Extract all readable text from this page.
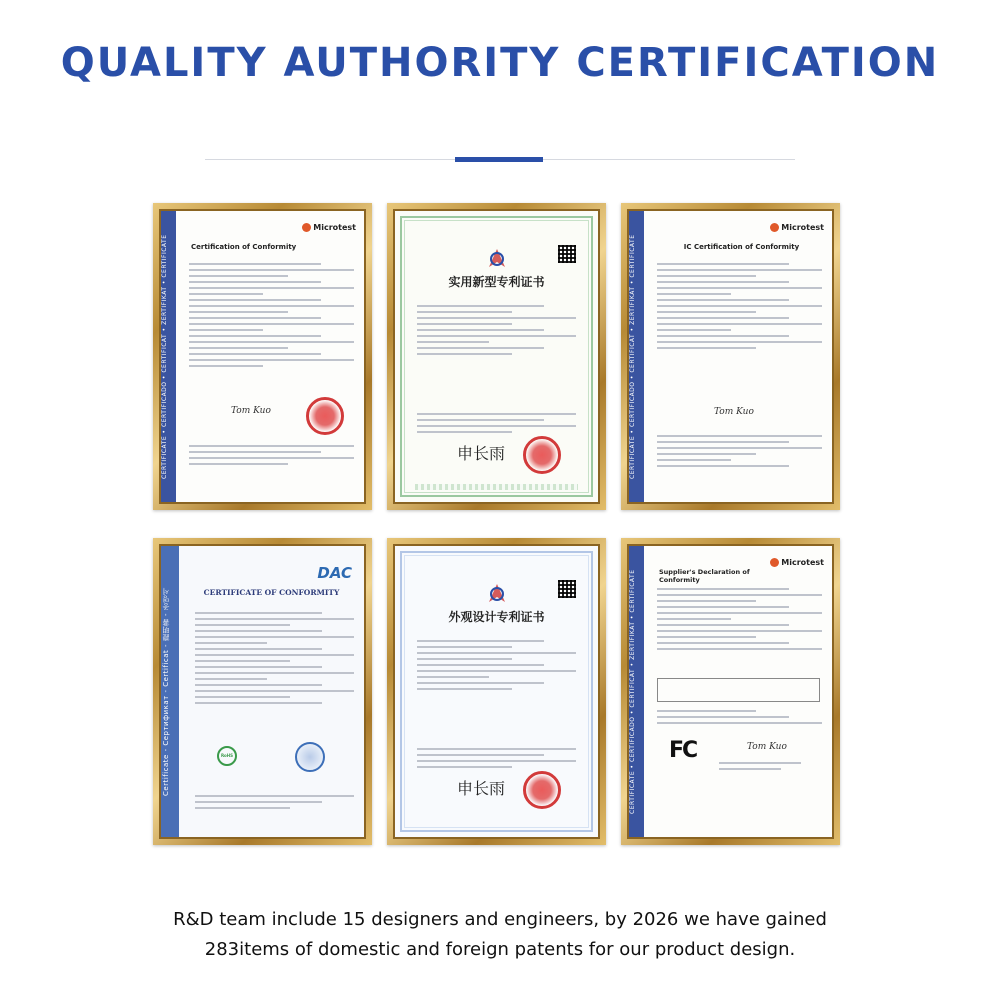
QUALITY AUTHORITY CERTIFICATION
CERTIFICATE • CERTIFICADO • CERTIFICAT • ZERTIFIKAT • CERTIFICATE
Microtest
Certification of Conformity
Tom Kuo
实用新型专利证书
申长雨	CERTIFICATE • CERTIFICADO • CERTIFICAT • ZERTIFIKAT • CERTIFICATE
Microtest
IC Certification of Conformity
Tom Kuo
Certificate - Сертификат - Certificat - 證明書 - 증명서
DAC
CERTIFICATE OF CONFORMITY
RoHS
外观设计专利证书
申长雨	CERTIFICATE • CERTIFICADO • CERTIFICAT • ZERTIFIKAT • CERTIFICATE
Microtest
Supplier's Declaration of Conformity
FC	Tom Kuo
R&D team include 15 designers and engineers, by 2026 we have gained
283items of domestic and foreign patents for our product design.
